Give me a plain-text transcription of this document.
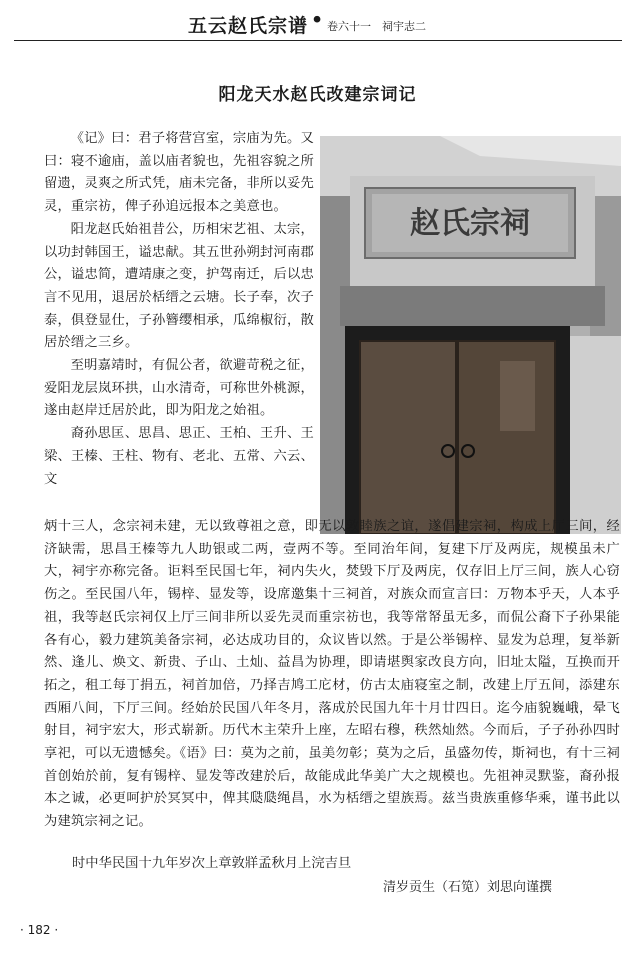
五云赵氏宗谱 • 卷六十一　祠宇志二
阳龙天水赵氏改建宗词记
赵氏宗祠

《记》曰：君子将营宫室，宗庙为先。又曰：寝不逾庙，盖以庙者貌也，先祖容貌之所留遗，灵爽之所式凭，庙未完备，非所以妥先灵，重宗祊，俾子孙追远报本之美意也。

阳龙赵氏始祖昔公，历相宋艺祖、太宗，以功封韩国王，谥忠献。其五世孙朔封河南郡公，谥忠简，遭靖康之变，护驾南迁，后以忠言不见用，退居於栝缙之云塘。长子奉，次子泰，俱登显仕，子孙簪缨相承，瓜绵椒衍，散居於缙之三乡。

至明嘉靖时，有侃公者，欲避苛税之征，爱阳龙层岚环拱，山水清奇，可称世外桃源，遂由赵岸迁居於此，即为阳龙之始祖。

裔孙思匡、思昌、思正、王柏、王升、王梁、王榛、王柱、物有、老北、五常、六云、文

炳十三人，念宗祠未建，无以致尊祖之意，即无以敦睦族之谊，遂倡建宗祠，构成上厅三间，经济缺需，思昌王榛等九人助银或二两，壹两不等。至同治年间，复建下厅及两庑，规模虽未广大，祠宇亦称完备。讵料至民国七年，祠内失火，焚毁下厅及两庑，仅存旧上厅三间，族人心窃伤之。至民国八年，锡梓、显发等，设席邀集十三祠首，对族众而宣言曰：万物本乎天，人本乎祖，我等赵氏宗祠仅上厅三间非所以妥先灵而重宗祊也，我等常帑虽无多，而侃公裔下子孙果能各有心，毅力建筑美备宗祠，必达成功目的，众议皆以然。于是公举锡梓、显发为总理，复举新然、逢儿、焕文、新贵、子山、土灿、益昌为协理，即请堪舆家改良方向，旧址太隘，互换而开拓之，租工每丁捐五，祠首加倍，乃择吉鸠工庀材，仿古太庙寝室之制，改建上厅五间，添建东西厢八间，下厅三间。经始於民国八年冬月，落成於民国九年十月廿四日。迄今庙貌巍峨，晕飞射目，祠宇宏大，形式崭新。历代木主荣升上座，左昭右穆，秩然灿然。今而后，子子孙孙四时享祀，可以无遗憾矣。《语》曰：莫为之前，虽美勿彰；莫为之后，虽盛勿传，斯祠也，有十三祠首创始於前，复有锡梓、显发等改建於后，故能成此华美广大之规模也。先祖神灵默鉴，裔孙报本之诚，必更呵护於冥冥中，俾其瓞瓞绳昌，水为栝缙之望族焉。兹当贵族重修华乘，谨书此以为建筑宗祠之记。
时中华民国十九年岁次上章敦牂孟秋月上浣吉旦
清岁贡生（石笕）刘思向谨撰
· 182 ·
